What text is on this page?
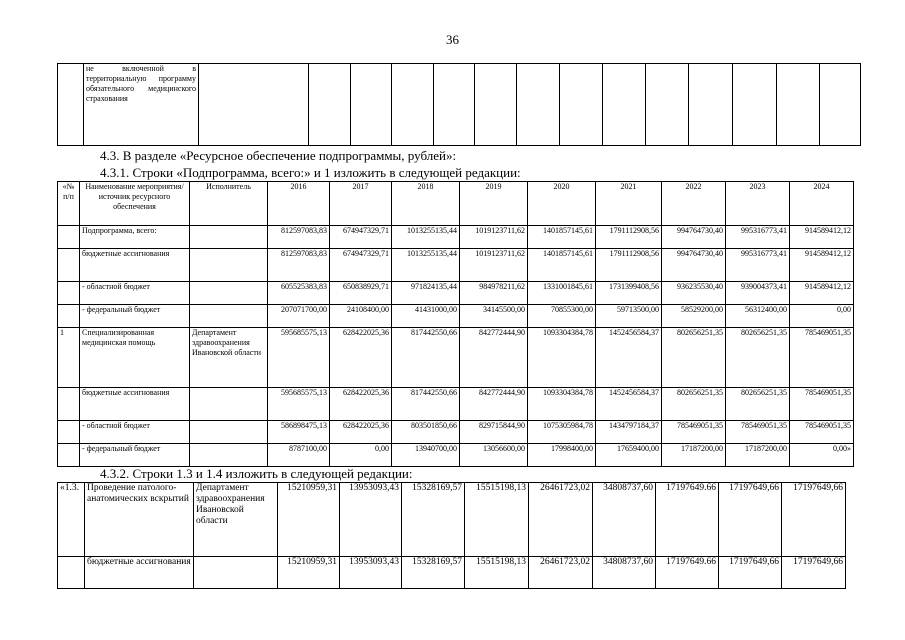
36
	не включенной в территориальную программу обязательного медицинского страхования														
4.3. В разделе «Ресурсное обеспечение подпрограммы, рублей»:
4.3.1. Строки «Подпрограмма, всего:» и 1 изложить в следующей редакции:
«№ п/п	Наименование мероприятия/источник ресурсного обеспечения	Исполнитель	2016	2017	2018	2019	2020	2021	2022	2023	2024
	Подпрограмма, всего:		812597083,83	674947329,71	1013255135,44	1019123711,62	1401857145,61	1791112908,56	994764730,40	995316773,41	914589412,12
	бюджетные ассигнования		812597083,83	674947329,71	1013255135,44	1019123711,62	1401857145,61	1791112908,56	994764730,40	995316773,41	914589412,12
	- областной бюджет		605525383,83	650838929,71	971824135,44	984978211,62	1331001845,61	1731399408,56	936235530,40	939004373,41	914589412,12
	- федеральный бюджет		207071700,00	24108400,00	41431000,00	34145500,00	70855300,00	59713500,00	58529200,00	56312400,00	0,00
1	Специализированная медицинская помощь	Департамент здравоохранения Ивановской области	595685575,13	628422025,36	817442550,66	842772444,90	1093304384,78	1452456584,37	802656251,35	802656251,35	785469051,35
	бюджетные ассигнования		595685575,13	628422025,36	817442550,66	842772444,90	1093304384,78	1452456584,37	802656251,35	802656251,35	785469051,35
	- областной бюджет		586898475,13	628422025,36	803501850,66	829715844,90	1075305984,78	1434797184,37	785469051,35	785469051,35	785469051,35
	- федеральный бюджет		8787100,00	0,00	13940700,00	13056600,00	17998400,00	17659400,00	17187200,00	17187200,00	0,00»
4.3.2. Строки 1.3 и 1.4 изложить в следующей редакции:
«1.3.	Проведение патолого-анатомических вскрытий	Департамент здравоохранения Ивановской области	15210959,31	13953093,43	15328169,57	15515198,13	26461723,02	34808737,60	17197649.66	17197649,66	17197649,66
	бюджетные ассигнования		15210959,31	13953093,43	15328169,57	15515198,13	26461723,02	34808737,60	17197649.66	17197649,66	17197649,66
